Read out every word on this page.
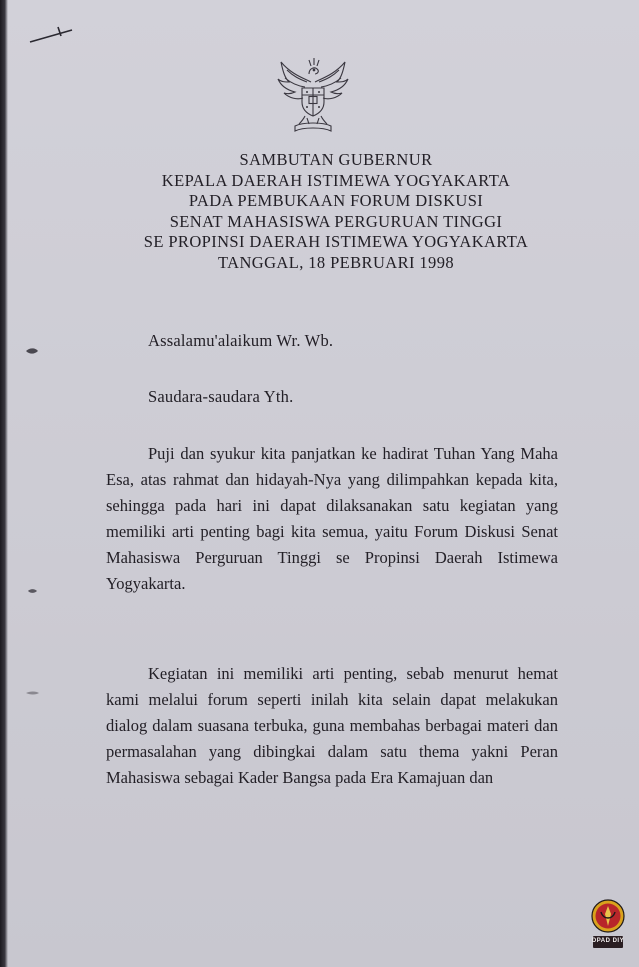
SAMBUTAN GUBERNUR
KEPALA DAERAH ISTIMEWA YOGYAKARTA
PADA PEMBUKAAN FORUM DISKUSI
SENAT MAHASISWA PERGURUAN TINGGI
SE PROPINSI DAERAH ISTIMEWA YOGYAKARTA
TANGGAL, 18 PEBRUARI 1998
Assalamu'alaikum Wr. Wb.
Saudara-saudara Yth.
Puji dan syukur kita panjatkan ke hadirat Tuhan Yang Maha Esa, atas rahmat dan hidayah-Nya yang dilimpahkan kepada kita, sehingga pada hari ini dapat dilaksanakan satu kegiatan yang memiliki arti penting bagi kita semua, yaitu Forum Diskusi Senat Mahasiswa Perguruan Tinggi se Propinsi Daerah Istimewa Yogyakarta.
Kegiatan ini memiliki arti penting, sebab menurut hemat kami melalui forum seperti inilah kita selain dapat melakukan dialog dalam suasana terbuka, guna membahas berbagai materi dan permasalahan yang dibingkai dalam satu thema yakni Peran Mahasiswa sebagai Kader Bangsa pada Era Kamajuan dan
DPAD DIY
